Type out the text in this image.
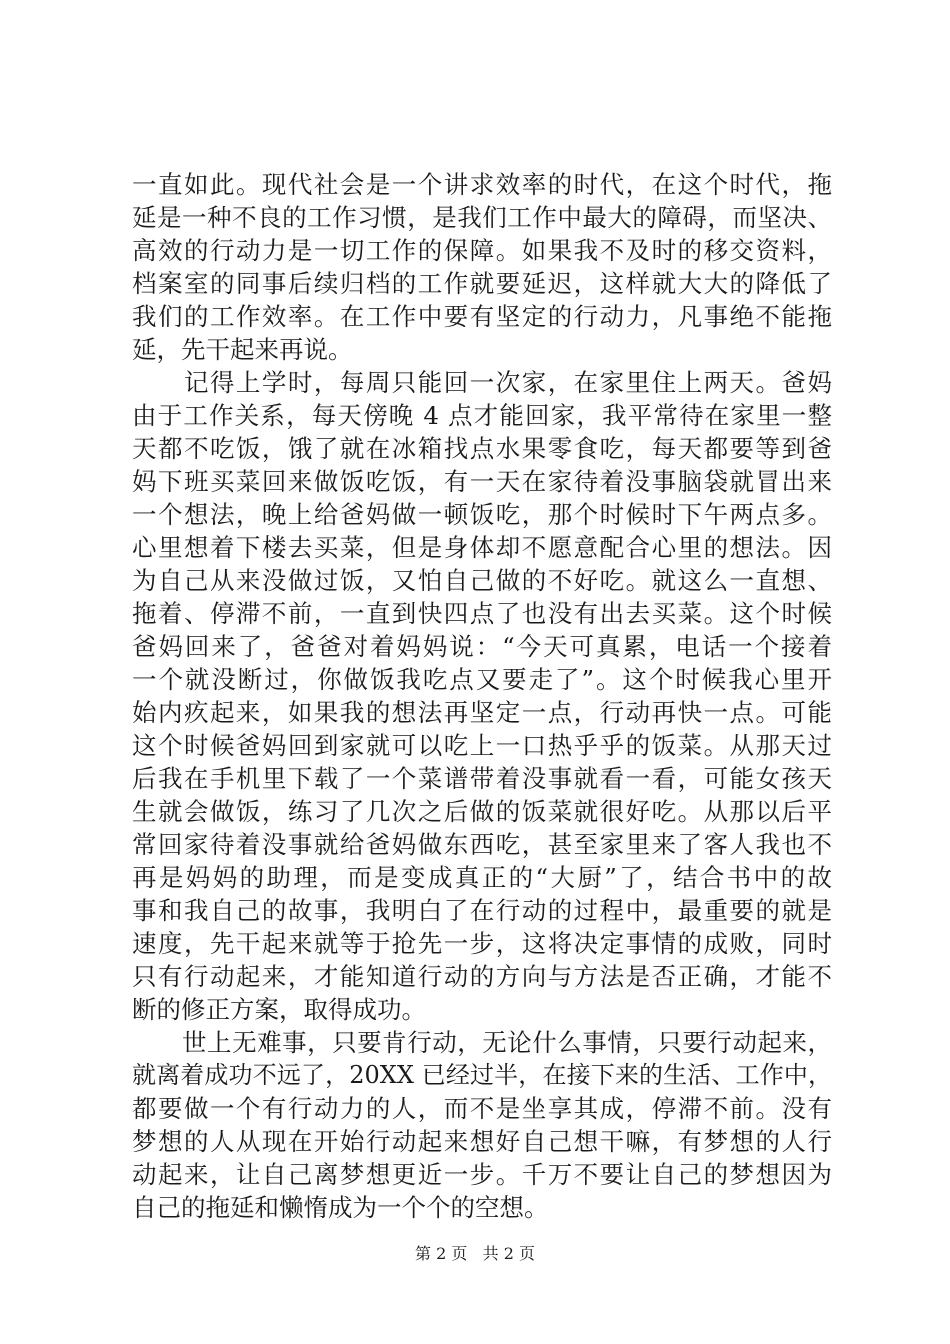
一直如此。现代社会是一个讲求效率的时代，在这个时代，拖
延是一种不良的工作习惯，是我们工作中最大的障碍，而坚决、
高效的行动力是一切工作的保障。如果我不及时的移交资料，
档案室的同事后续归档的工作就要延迟，这样就大大的降低了
我们的工作效率。在工作中要有坚定的行动力，凡事绝不能拖
延，先干起来再说。
　　记得上学时，每周只能回一次家，在家里住上两天。爸妈
由于工作关系，每天傍晚 4 点才能回家，我平常待在家里一整
天都不吃饭，饿了就在冰箱找点水果零食吃，每天都要等到爸
妈下班买菜回来做饭吃饭，有一天在家待着没事脑袋就冒出来
一个想法，晚上给爸妈做一顿饭吃，那个时候时下午两点多。
心里想着下楼去买菜，但是身体却不愿意配合心里的想法。因
为自己从来没做过饭，又怕自己做的不好吃。就这么一直想、
拖着、停滞不前，一直到快四点了也没有出去买菜。这个时候
爸妈回来了，爸爸对着妈妈说：“今天可真累，电话一个接着
一个就没断过，你做饭我吃点又要走了”。这个时候我心里开
始内疚起来，如果我的想法再坚定一点，行动再快一点。可能
这个时候爸妈回到家就可以吃上一口热乎乎的饭菜。从那天过
后我在手机里下载了一个菜谱带着没事就看一看，可能女孩天
生就会做饭，练习了几次之后做的饭菜就很好吃。从那以后平
常回家待着没事就给爸妈做东西吃，甚至家里来了客人我也不
再是妈妈的助理，而是变成真正的“大厨”了，结合书中的故
事和我自己的故事，我明白了在行动的过程中，最重要的就是
速度，先干起来就等于抢先一步，这将决定事情的成败，同时
只有行动起来，才能知道行动的方向与方法是否正确，才能不
断的修正方案，取得成功。
　　世上无难事，只要肯行动，无论什么事情，只要行动起来，
就离着成功不远了，20XX 已经过半，在接下来的生活、工作中，
都要做一个有行动力的人，而不是坐享其成，停滞不前。没有
梦想的人从现在开始行动起来想好自己想干嘛，有梦想的人行
动起来，让自己离梦想更近一步。千万不要让自己的梦想因为
自己的拖延和懒惰成为一个个的空想。
第 2 页 共 2 页
